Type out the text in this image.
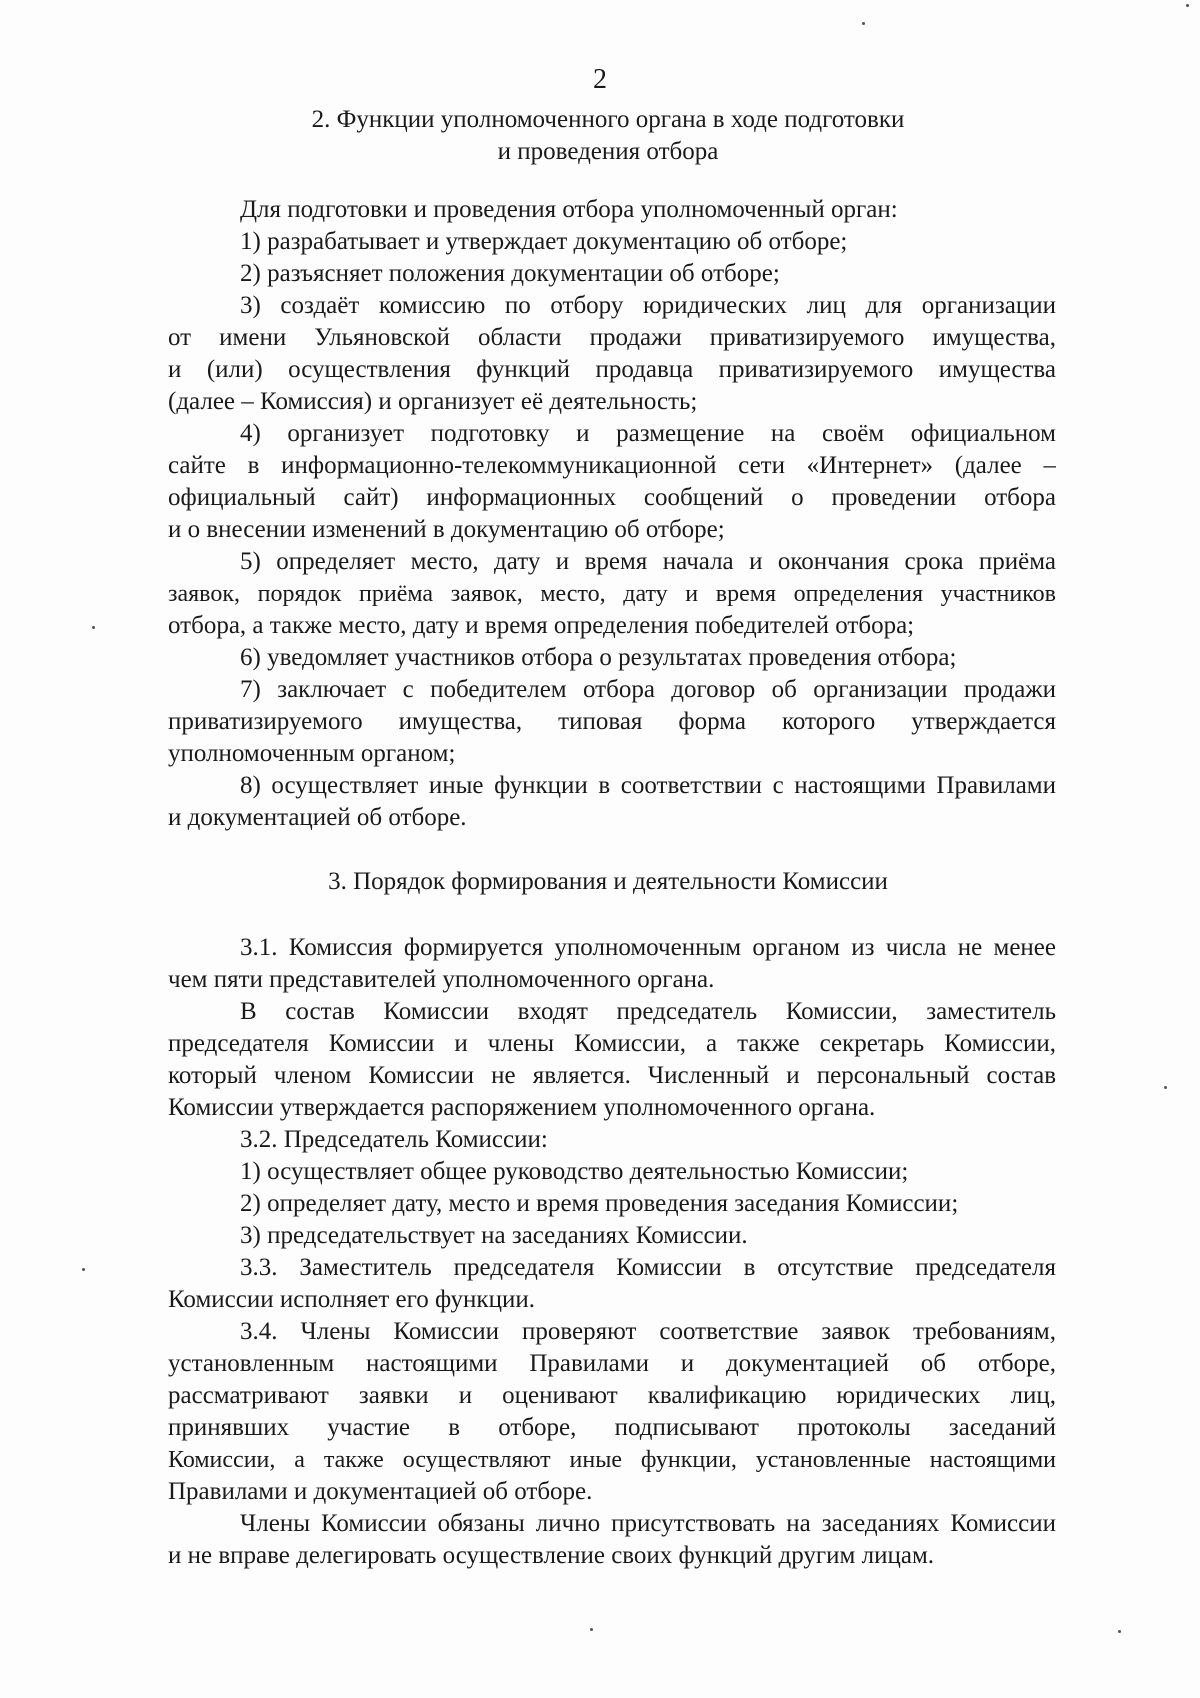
2
2. Функции уполномоченного органа в ходе подготовки
и проведения отбора
Для подготовки и проведения отбора уполномоченный орган:
1) разрабатывает и утверждает документацию об отборе;
2) разъясняет положения документации об отборе;
3) создаёт комиссию по отбору юридических лиц для организации
от имени Ульяновской области продажи приватизируемого имущества,
и (или) осуществления функций продавца приватизируемого имущества
(далее – Комиссия) и организует её деятельность;
4) организует подготовку и размещение на своём официальном
сайте в информационно-телекоммуникационной сети «Интернет» (далее –
официальный сайт) информационных сообщений о проведении отбора
и о внесении изменений в документацию об отборе;
5) определяет место, дату и время начала и окончания срока приёма
заявок, порядок приёма заявок, место, дату и время определения участников
отбора, а также место, дату и время определения победителей отбора;
6) уведомляет участников отбора о результатах проведения отбора;
7) заключает с победителем отбора договор об организации продажи
приватизируемого имущества, типовая форма которого утверждается
уполномоченным органом;
8) осуществляет иные функции в соответствии с настоящими Правилами
и документацией об отборе.
3. Порядок формирования и деятельности Комиссии
3.1. Комиссия формируется уполномоченным органом из числа не менее
чем пяти представителей уполномоченного органа.
В состав Комиссии входят председатель Комиссии, заместитель
председателя Комиссии и члены Комиссии, а также секретарь Комиссии,
который членом Комиссии не является. Численный и персональный состав
Комиссии утверждается распоряжением уполномоченного органа.
3.2. Председатель Комиссии:
1) осуществляет общее руководство деятельностью Комиссии;
2) определяет дату, место и время проведения заседания Комиссии;
3) председательствует на заседаниях Комиссии.
3.3. Заместитель председателя Комиссии в отсутствие председателя
Комиссии исполняет его функции.
3.4. Члены Комиссии проверяют соответствие заявок требованиям,
установленным настоящими Правилами и документацией об отборе,
рассматривают заявки и оценивают квалификацию юридических лиц,
принявших участие в отборе, подписывают протоколы заседаний
Комиссии, а также осуществляют иные функции, установленные настоящими
Правилами и документацией об отборе.
Члены Комиссии обязаны лично присутствовать на заседаниях Комиссии
и не вправе делегировать осуществление своих функций другим лицам.
